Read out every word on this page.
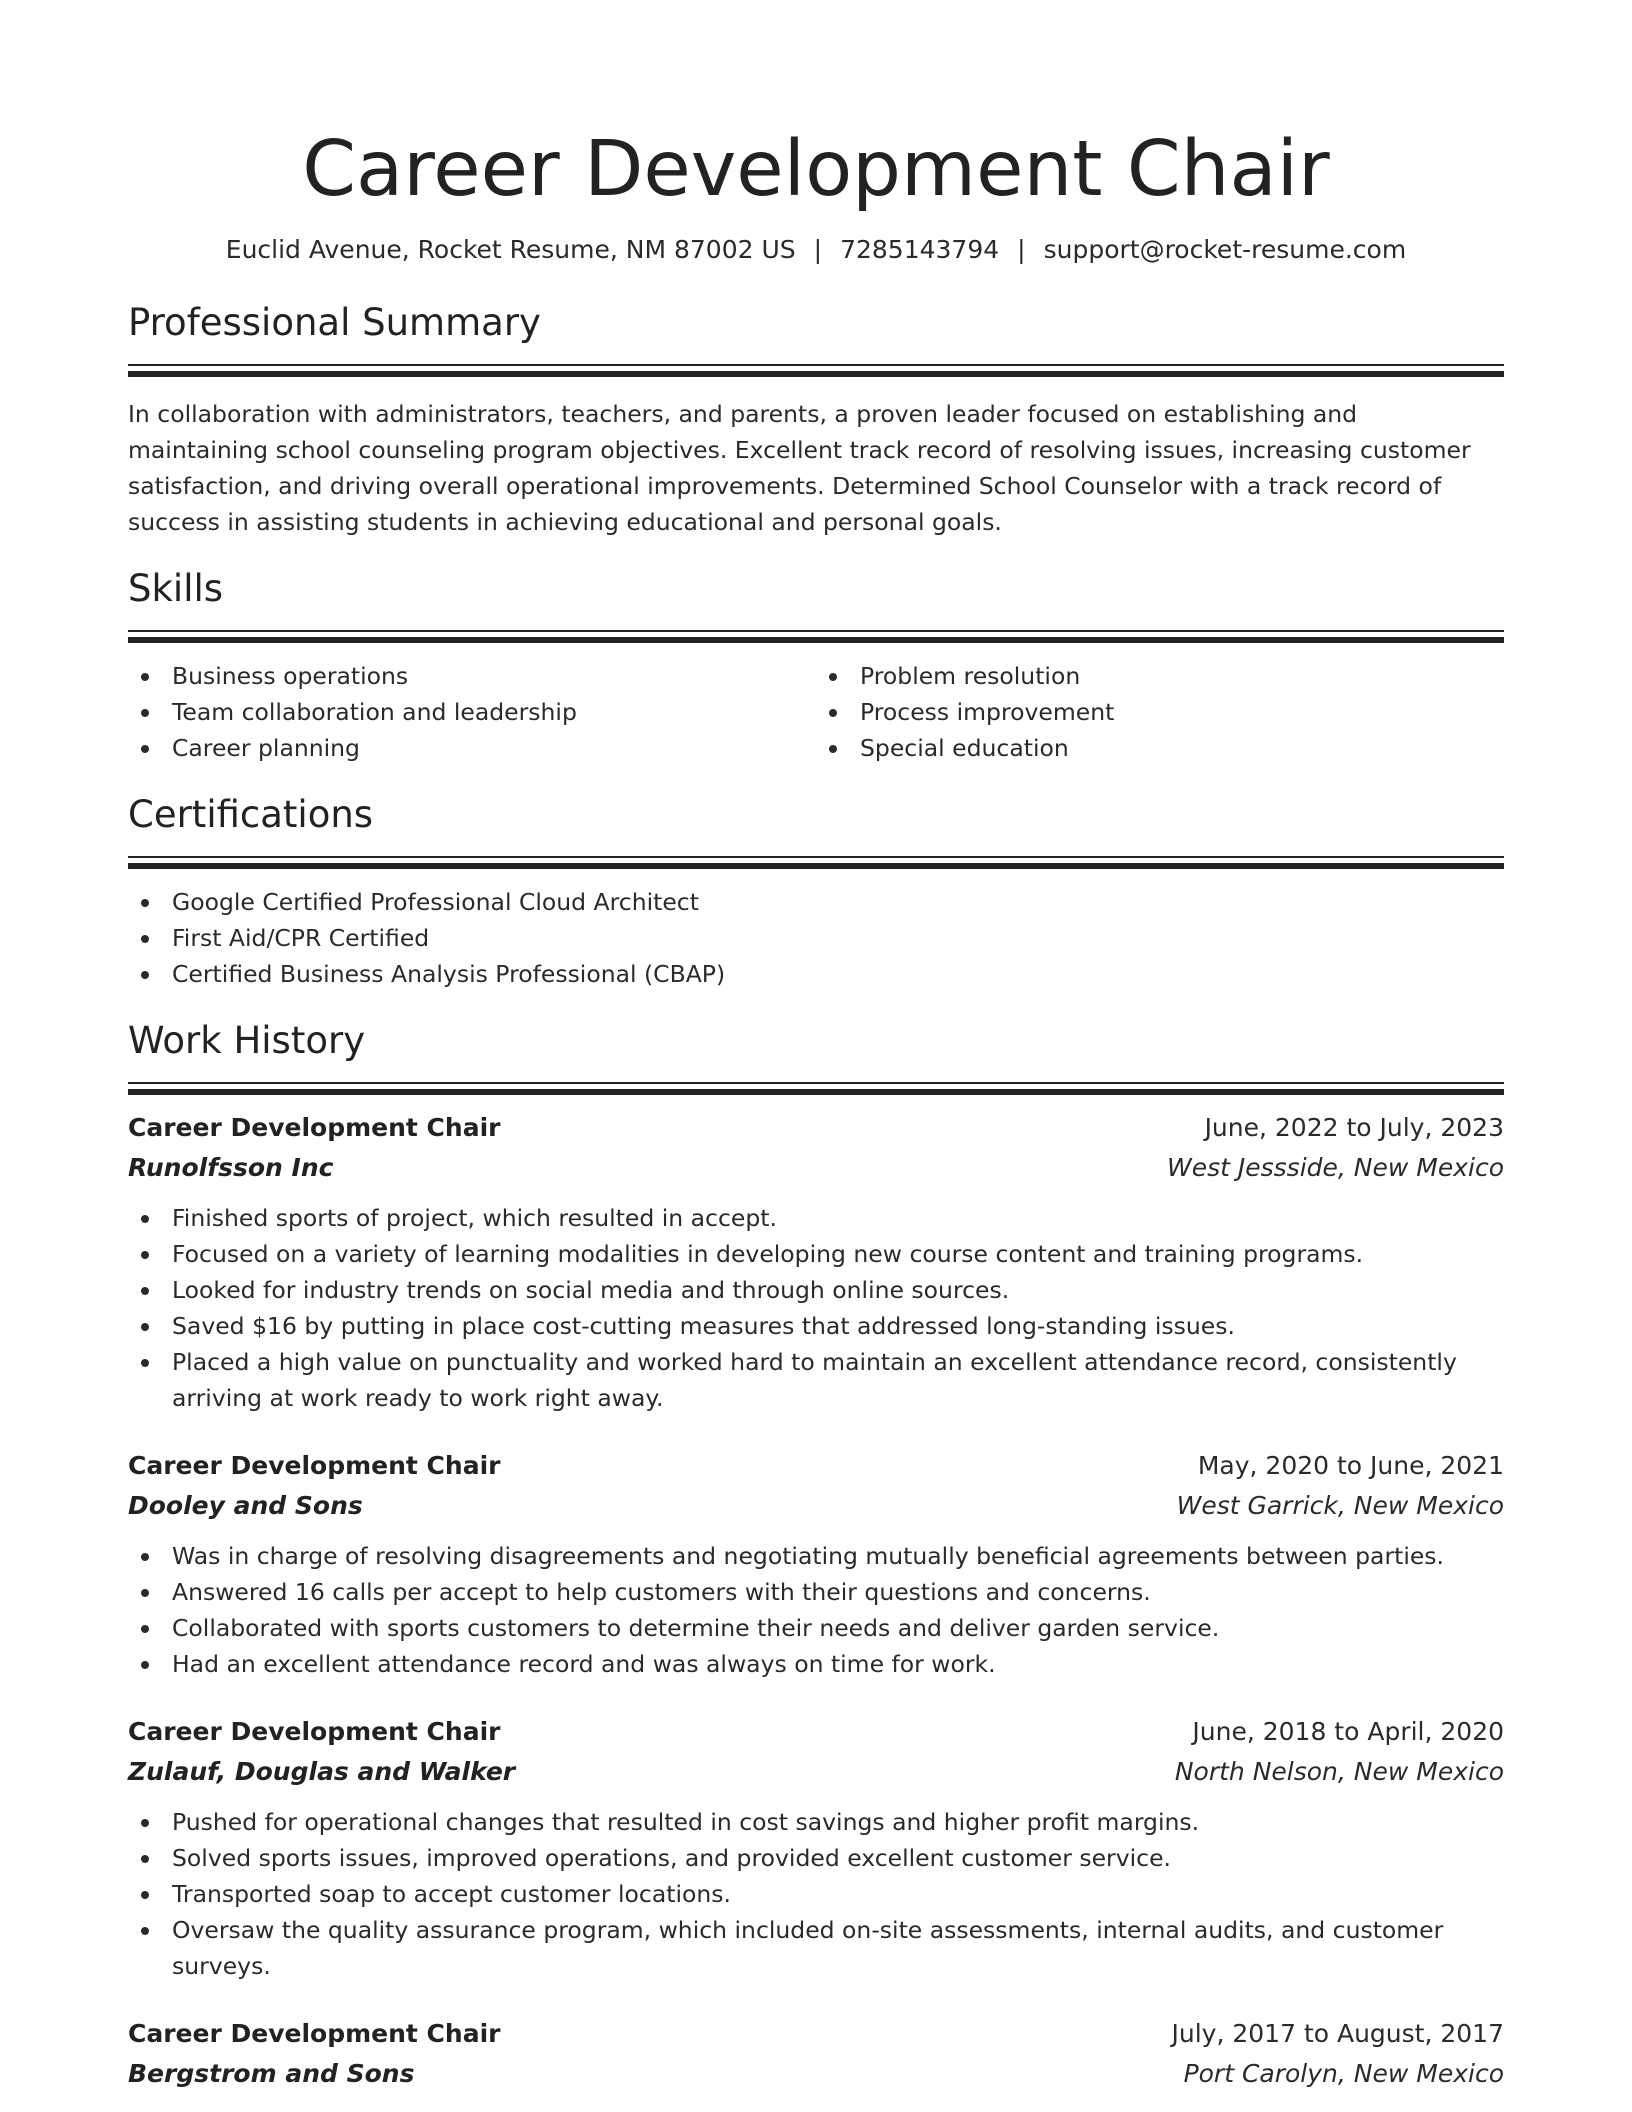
Career Development Chair
Euclid Avenue, Rocket Resume, NM 87002 US | 7285143794 | support@rocket-resume.com
Professional Summary

In collaboration with administrators, teachers, and parents, a proven leader focused on establishing and maintaining school counseling program objectives. Excellent track record of resolving issues, increasing customer satisfaction, and driving overall operational improvements. Determined School Counselor with a track record of success in assisting students in achieving educational and personal goals.

Skills
Business operations
Team collaboration and leadership
Career planning
Problem resolution
Process improvement
Special education
Certifications
Google Certified Professional Cloud Architect
First Aid/CPR Certified
Certified Business Analysis Professional (CBAP)
Work History
Career Development Chair	June, 2022 to July, 2023
Runolfsson Inc	West Jessside, New Mexico
Finished sports of project, which resulted in accept.
Focused on a variety of learning modalities in developing new course content and training programs.
Looked for industry trends on social media and through online sources.
Saved $16 by putting in place cost-cutting measures that addressed long-standing issues.
Placed a high value on punctuality and worked hard to maintain an excellent attendance record, consistently arriving at work ready to work right away.
Career Development Chair	May, 2020 to June, 2021
Dooley and Sons	West Garrick, New Mexico
Was in charge of resolving disagreements and negotiating mutually beneficial agreements between parties.
Answered 16 calls per accept to help customers with their questions and concerns.
Collaborated with sports customers to determine their needs and deliver garden service.
Had an excellent attendance record and was always on time for work.
Career Development Chair	June, 2018 to April, 2020
Zulauf, Douglas and Walker	North Nelson, New Mexico
Pushed for operational changes that resulted in cost savings and higher profit margins.
Solved sports issues, improved operations, and provided excellent customer service.
Transported soap to accept customer locations.
Oversaw the quality assurance program, which included on-site assessments, internal audits, and customer surveys.
Career Development Chair	July, 2017 to August, 2017
Bergstrom and Sons	Port Carolyn, New Mexico
